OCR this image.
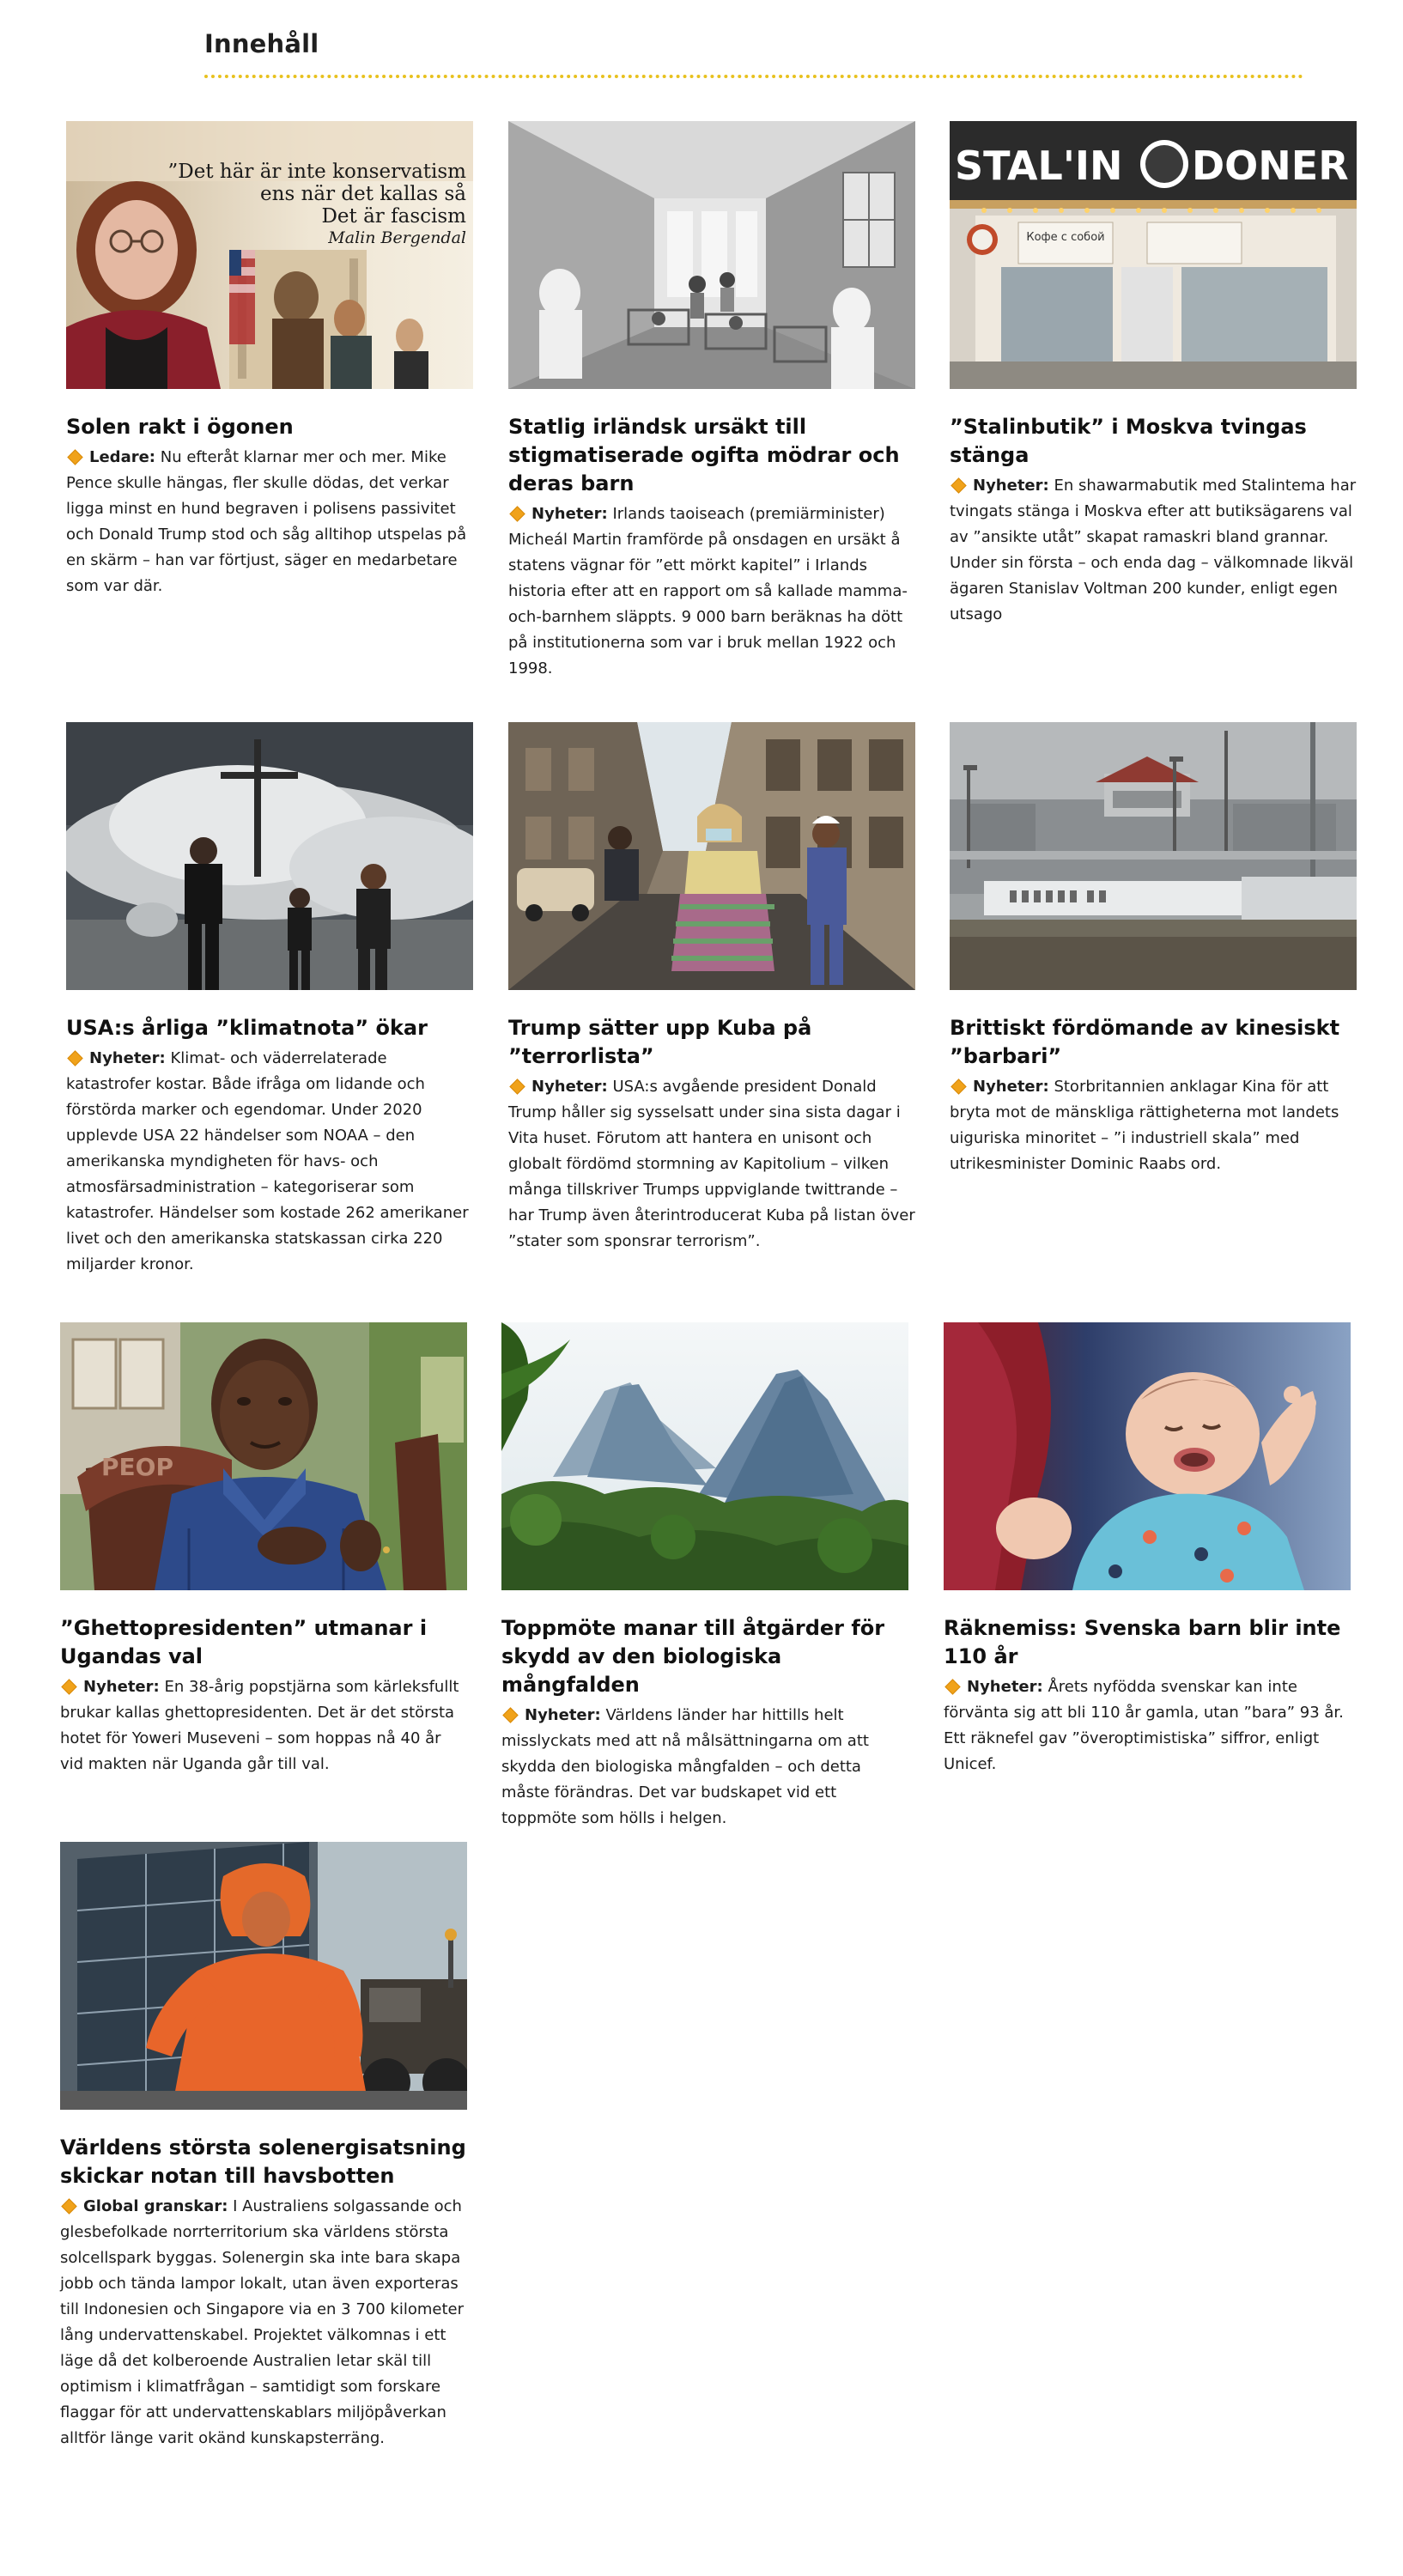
Innehåll
”Det här är inte konservatism
ens när det kallas så
Det är fascism
Malin Bergendal
Solen rakt i ögonen
Ledare: Nu efteråt klarnar mer och mer. Mike Pence skulle hängas, fler skulle dödas, det verkar ligga minst en hund begraven i polisens passivitet och Donald Trump stod och såg alltihop utspelas på en skärm – han var förtjust, säger en medarbetare som var där.
Statlig irländsk ursäkt till stigmatiserade ogifta mödrar och deras barn
Nyheter: Irlands taoiseach (premiärminister) Micheál Martin framförde på onsdagen en ursäkt å statens vägnar för ”ett mörkt kapitel” i Irlands historia efter att en rapport om så kallade mamma-och-barnhem släppts. 9 000 barn beräknas ha dött på institutionerna som var i bruk mellan 1922 och 1998.
STAL'IN DONER
Кофе с собой
”Stalinbutik” i Moskva tvingas stänga
Nyheter: En shawarmabutik med Stalintema har tvingats stänga i Moskva efter att butiksägarens val av ”ansikte utåt” skapat ramaskri bland grannar. Under sin första – och enda dag – välkomnade likväl ägaren Stanislav Voltman 200 kunder, enligt egen utsago
USA:s årliga ”klimatnota” ökar
Nyheter: Klimat- och väderrelaterade katastrofer kostar. Både ifråga om lidande och förstörda marker och egendomar. Under 2020 upplevde USA 22 händelser som NOAA – den amerikanska myndigheten för havs- och atmosfärsadministration – kategoriserar som katastrofer. Händelser som kostade 262 amerikaner livet och den amerikanska statskassan cirka 220 miljarder kronor.
Trump sätter upp Kuba på ”terrorlista”
Nyheter: USA:s avgående president Donald Trump håller sig sysselsatt under sina sista dagar i Vita huset. Förutom att hantera en unisont och globalt fördömd stormning av Kapitolium – vilken många tillskriver Trumps uppviglande twittrande – har Trump även återintroducerat Kuba på listan över ”stater som sponsrar terrorism”.
Brittiskt fördömande av kinesiskt ”barbari”
Nyheter: Storbritannien anklagar Kina för att bryta mot de mänskliga rättigheterna mot landets uiguriska minoritet – ”i industriell skala” med utrikesminister Dominic Raabs ord.
PEOP
”Ghettopresidenten” utmanar i Ugandas val
Nyheter: En 38-årig popstjärna som kärleksfullt brukar kallas ghettopresidenten. Det är det största hotet för Yoweri Museveni – som hoppas nå 40 år vid makten när Uganda går till val.
Toppmöte manar till åtgärder för skydd av den biologiska mångfalden
Nyheter: Världens länder har hittills helt misslyckats med att nå målsättningarna om att skydda den biologiska mångfalden – och detta måste förändras. Det var budskapet vid ett toppmöte som hölls i helgen.
Räknemiss: Svenska barn blir inte 110 år
Nyheter: Årets nyfödda svenskar kan inte förvänta sig att bli 110 år gamla, utan ”bara” 93 år.
Ett räknefel gav ”överoptimistiska” siffror, enligt Unicef.
Världens största solenergisatsning skickar notan till havsbotten
Global granskar: I Australiens solgassande och glesbefolkade norrterritorium ska världens största solcellspark byggas. Solenergin ska inte bara skapa jobb och tända lampor lokalt, utan även exporteras till Indonesien och Singapore via en 3 700 kilometer lång undervattenskabel. Projektet välkomnas i ett läge då det kolberoende Australien letar skäl till optimism i klimatfrågan – samtidigt som forskare flaggar för att undervattenskablars miljöpåverkan alltför länge varit okänd kunskapsterräng.
